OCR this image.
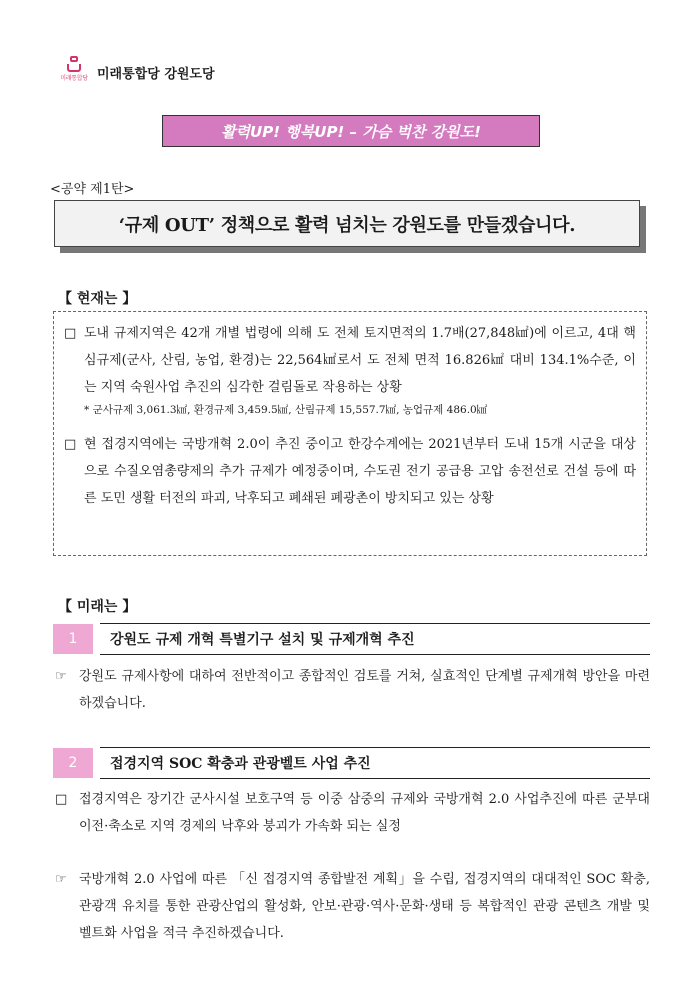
미래통합당 미래통합당 강원도당
활력UP! 행복UP! – 가슴 벅찬 강원도!
<공약 제1탄>
‘규제 OUT’ 정책으로 활력 넘치는 강원도를 만들겠습니다.
【 현재는 】
□ 도내 규제지역은 42개 개별 법령에 의해 도 전체 토지면적의 1.7배(27,848㎢)에 이르고, 4대 핵심규제(군사, 산림, 농업, 환경)는 22,564㎢로서 도 전체 면적 16.826㎢ 대비 134.1%수준, 이는 지역 숙원사업 추진의 심각한 걸림돌로 작용하는 상황
* 군사규제 3,061.3㎢, 환경규제 3,459.5㎢, 산림규제 15,557.7㎢, 농업규제 486.0㎢
□ 현 접경지역에는 국방개혁 2.0이 추진 중이고 한강수계에는 2021년부터 도내 15개 시군을 대상으로 수질오염총량제의 추가 규제가 예정중이며, 수도권 전기 공급용 고압 송전선로 건설 등에 따른 도민 생활 터전의 파괴, 낙후되고 폐쇄된 폐광촌이 방치되고 있는 상황
【 미래는 】
1	강원도 규제 개혁 특별기구 설치 및 규제개혁 추진
☞ 강원도 규제사항에 대하여 전반적이고 종합적인 검토를 거쳐, 실효적인 단계별 규제개혁 방안을 마련하겠습니다.
2	접경지역 SOC 확충과 관광벨트 사업 추진
□ 접경지역은 장기간 군사시설 보호구역 등 이중 삼중의 규제와 국방개혁 2.0 사업추진에 따른 군부대 이전·축소로 지역 경제의 낙후와 붕괴가 가속화 되는 실정
☞ 국방개혁 2.0 사업에 따른 「신 접경지역 종합발전 계획」을 수립, 접경지역의 대대적인 SOC 확충, 관광객 유치를 통한 관광산업의 활성화, 안보·관광·역사·문화·생태 등 복합적인 관광 콘텐츠 개발 및 벨트화 사업을 적극 추진하겠습니다.
